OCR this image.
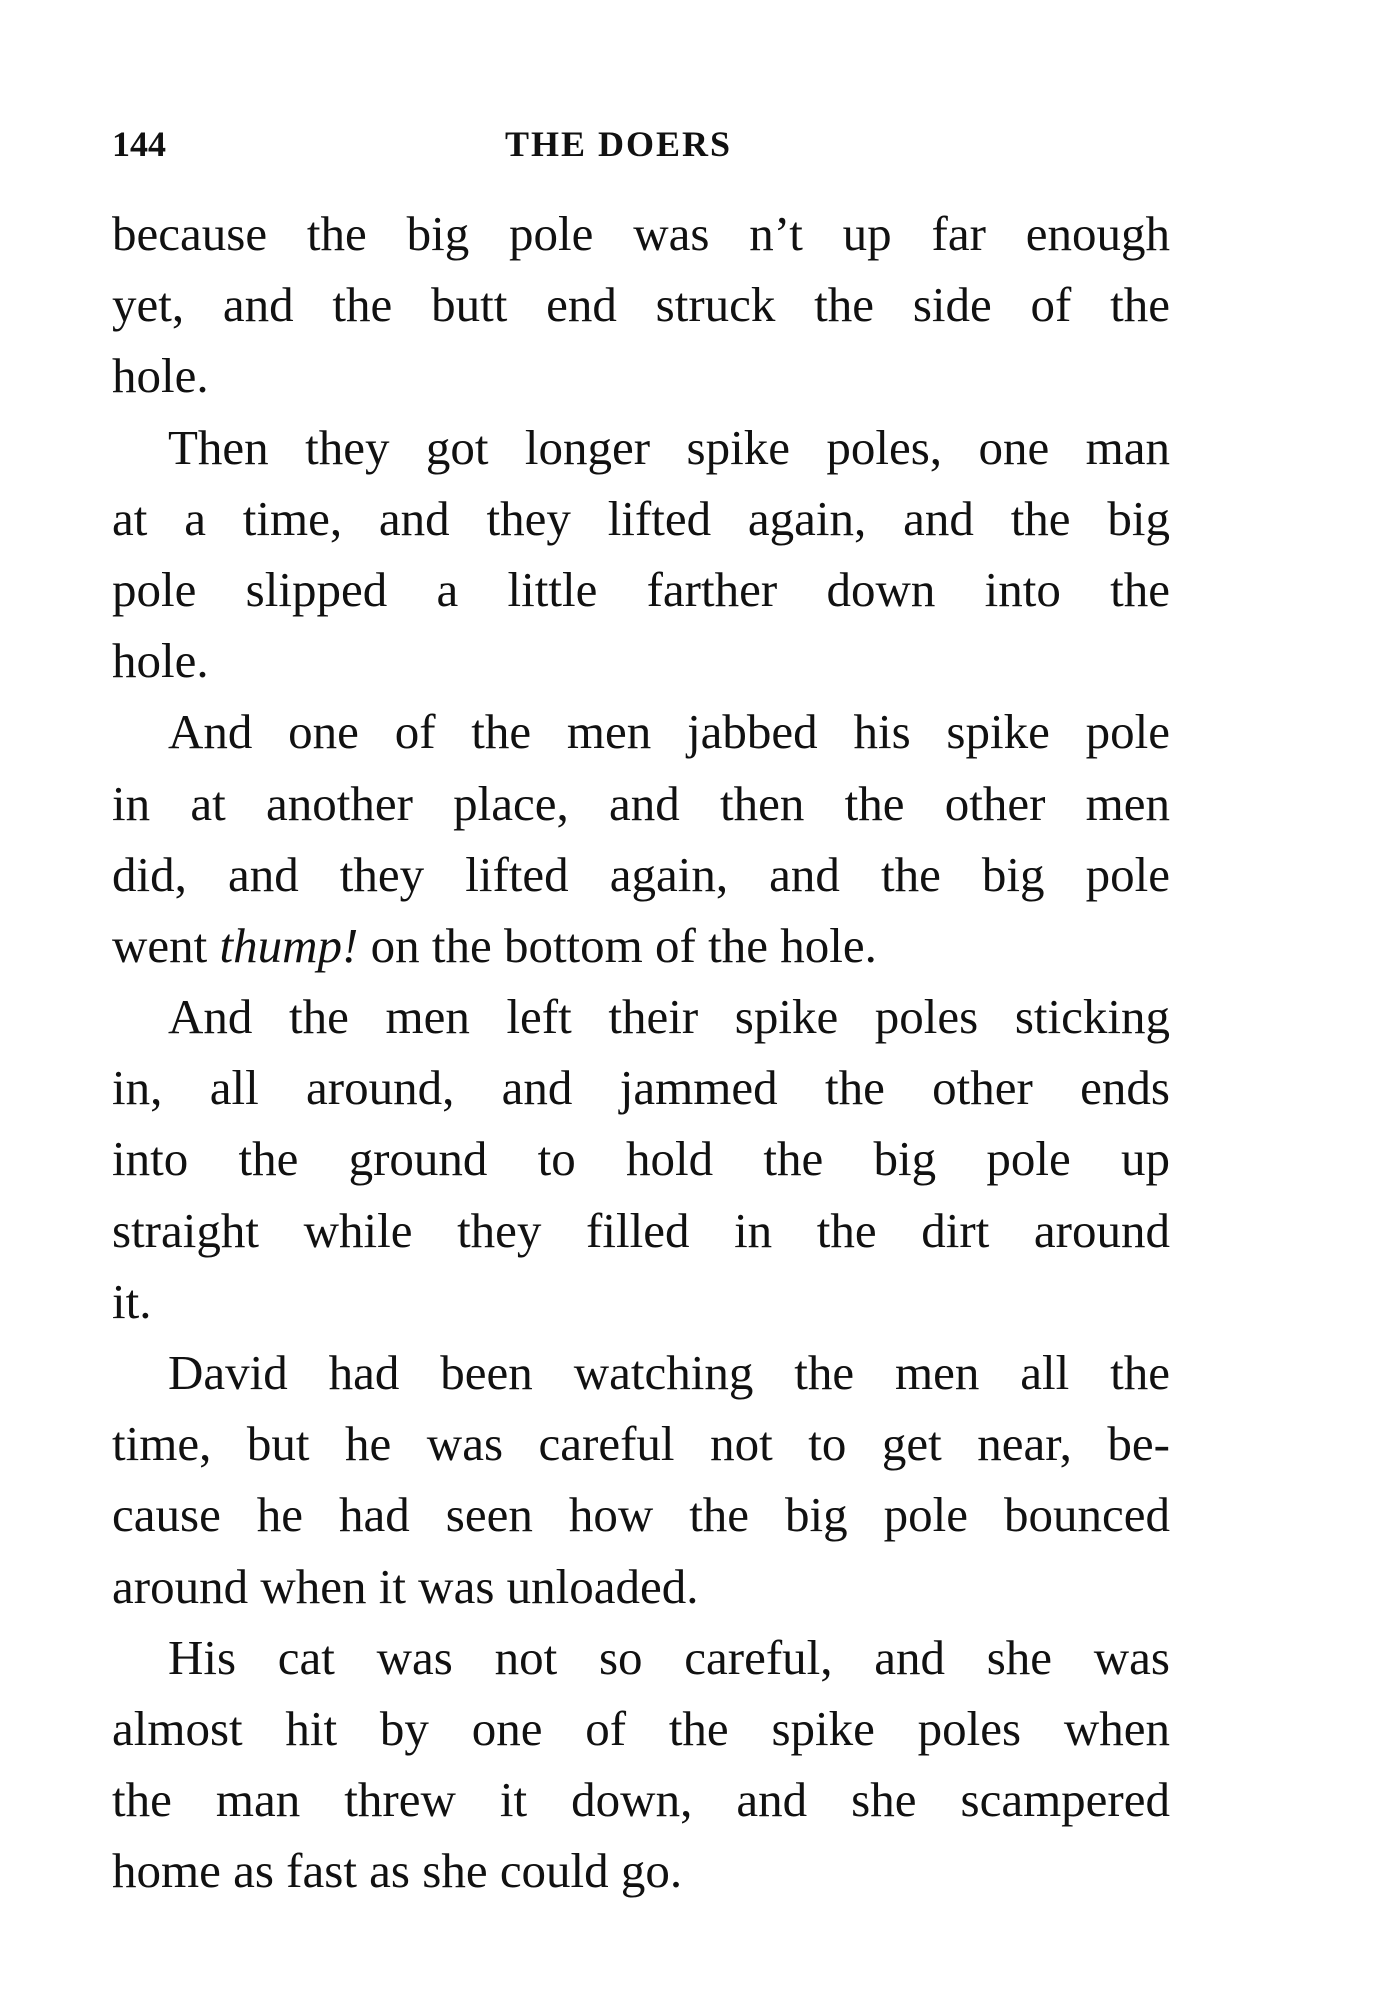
144	THE DOERS
because the big pole was n’t up far enough
yet, and the butt end struck the side of the
hole.
Then they got longer spike poles, one man
at a time, and they lifted again, and the big
pole slipped a little farther down into the
hole.
And one of the men jabbed his spike pole
in at another place, and then the other men
did, and they lifted again, and the big pole
went thump! on the bottom of the hole.
And the men left their spike poles sticking
in, all around, and jammed the other ends
into the ground to hold the big pole up
straight while they filled in the dirt around
it.
David had been watching the men all the
time, but he was careful not to get near, be-
cause he had seen how the big pole bounced
around when it was unloaded.
His cat was not so careful, and she was
almost hit by one of the spike poles when
the man threw it down, and she scampered
home as fast as she could go.
